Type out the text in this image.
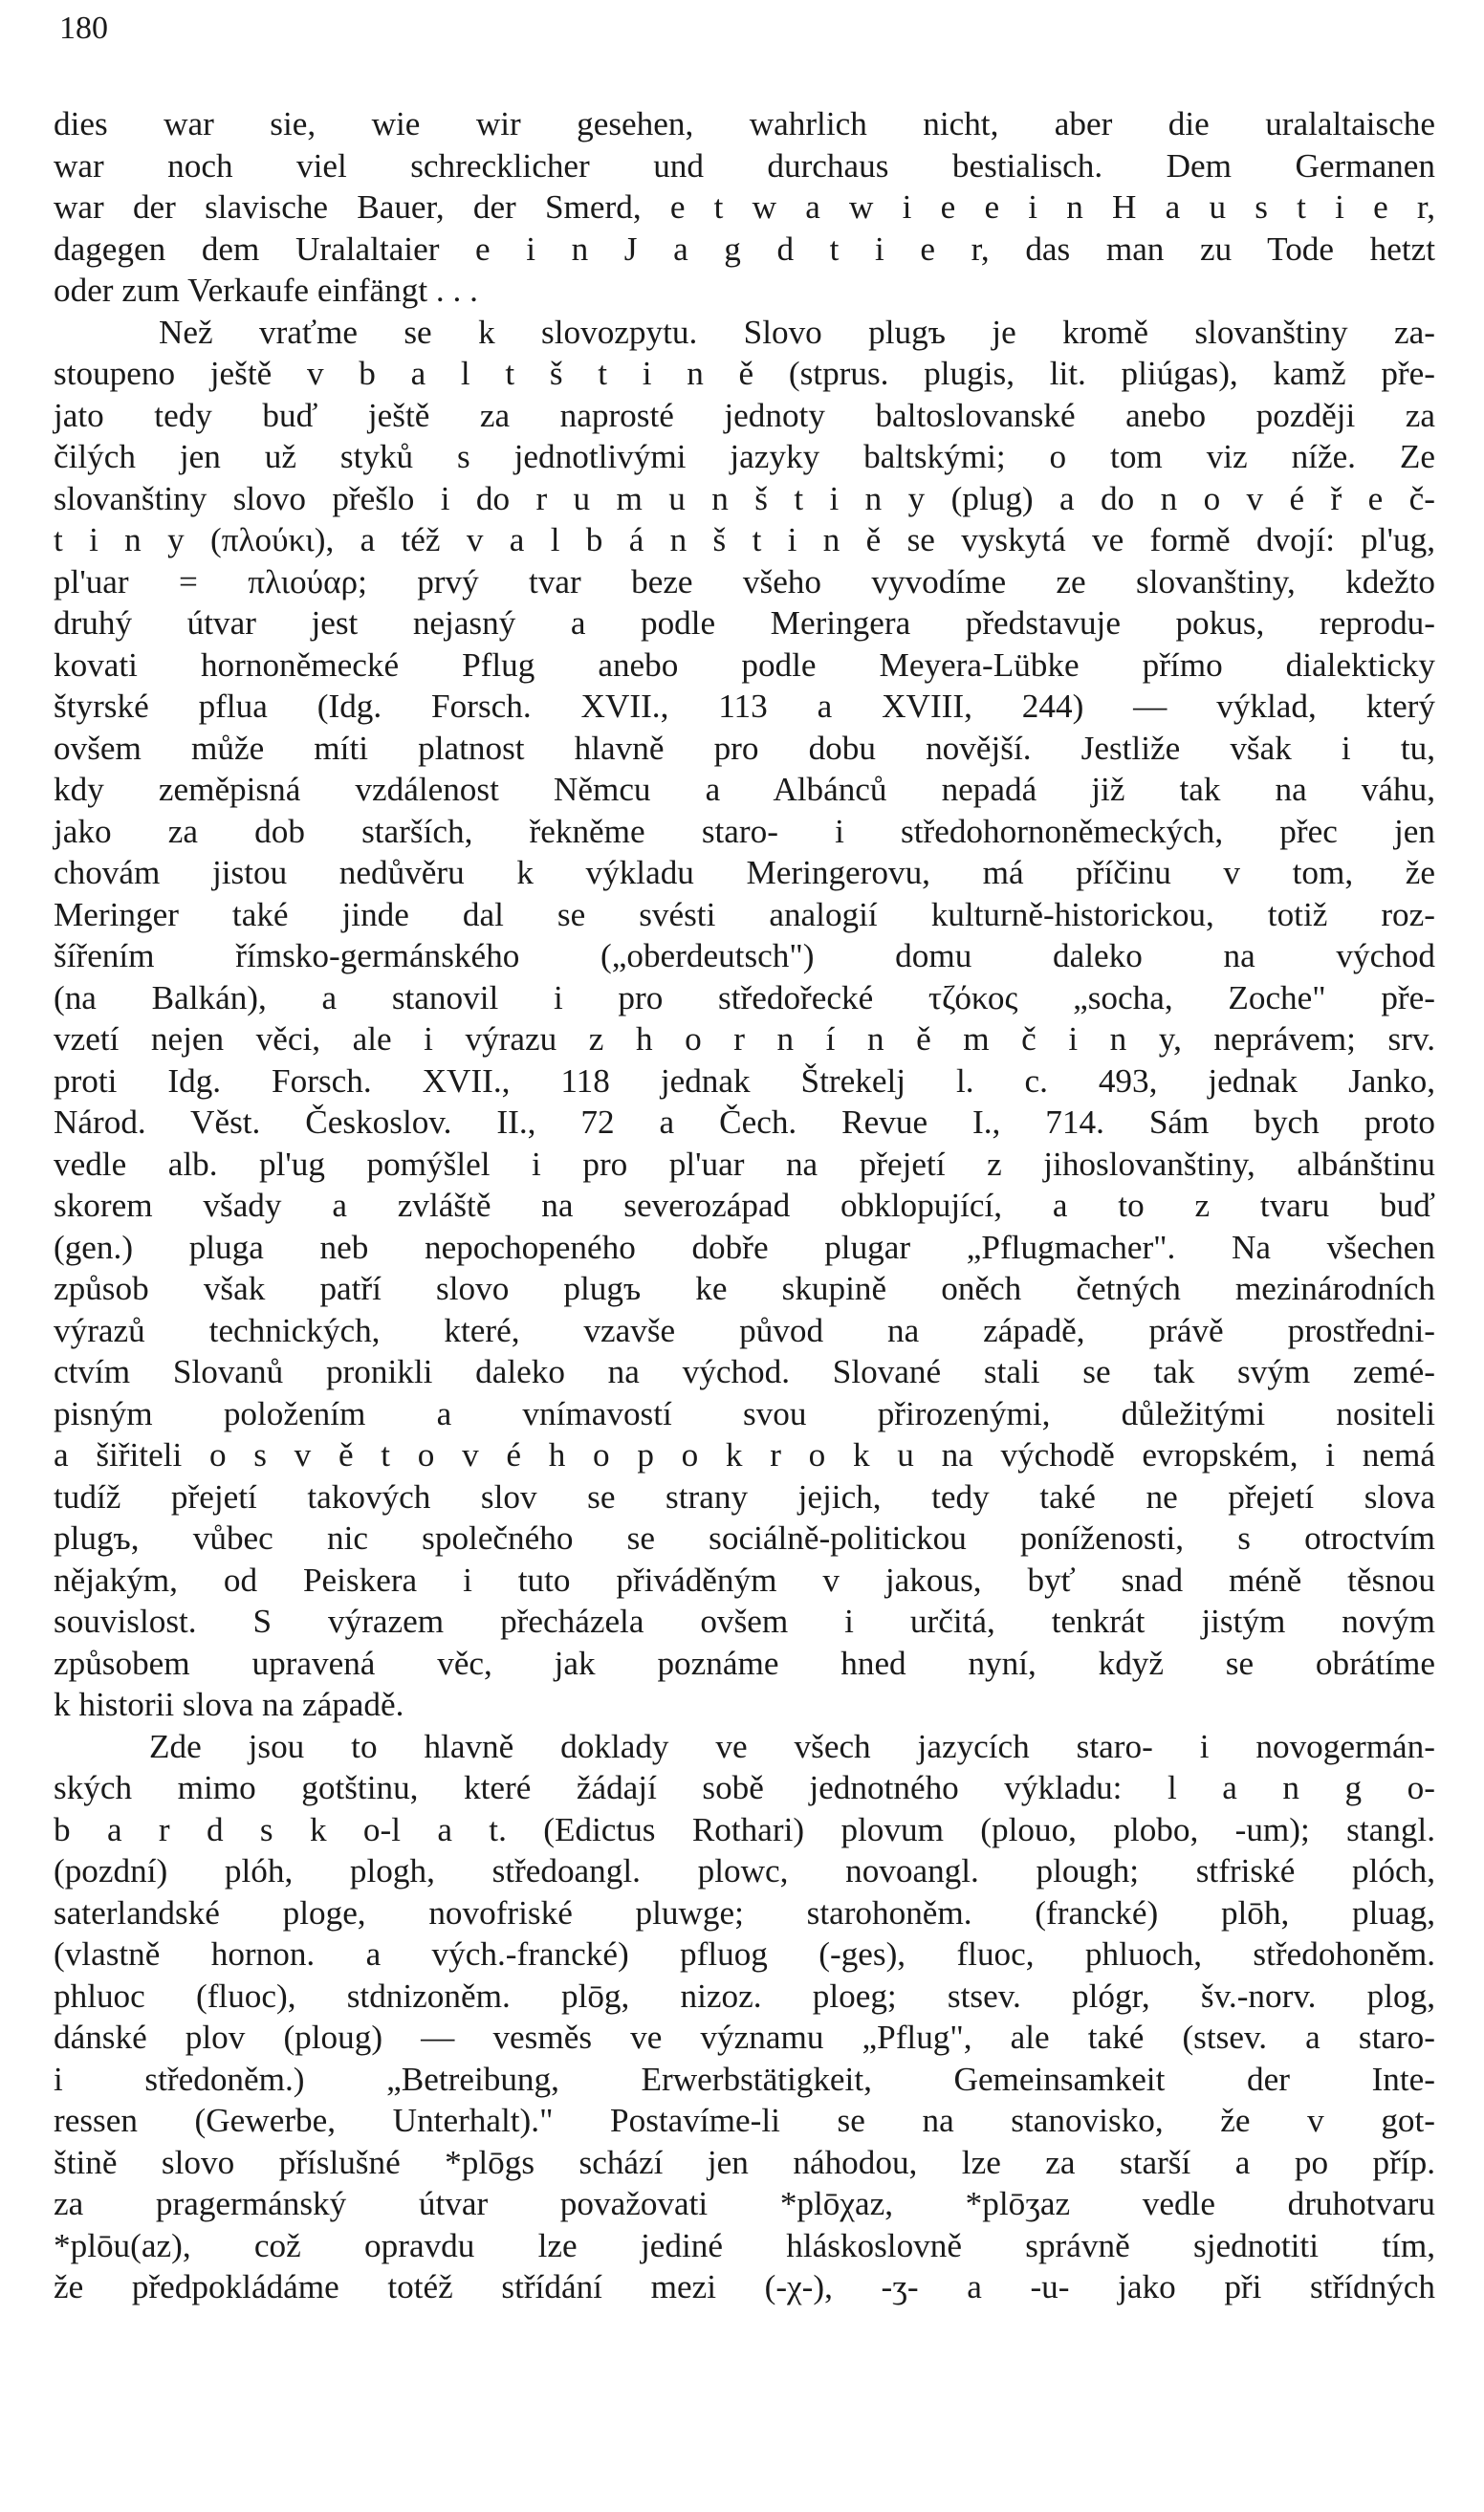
180
dies war sie, wie wir gesehen, wahrlich nicht, aber die uralaltaische
war noch viel schrecklicher und durchaus bestialisch. Dem Germanen
war der slavische Bauer, der Smerd, e t w a w i e e i n H a u s t i e r,
dagegen dem Uralaltaier e i n J a g d t i e r, das man zu Tode hetzt
oder zum Verkaufe einfängt . . .
Než vraťme se k slovozpytu. Slovo plugъ je kromě slovanštiny za-
stoupeno ještě v b a l t š t i n ě (stprus. plugis, lit. pliúgas), kamž pře-
jato tedy buď ještě za naprosté jednoty baltoslovanské anebo později za
čilých jen už styků s jednotlivými jazyky baltskými; o tom viz níže. Ze
slovanštiny slovo přešlo i do r u m u n š t i n y (plug) a do n o v é ř e č-
t i n y (πλούκι), a též v a l b á n š t i n ě se vyskytá ve formě dvojí: pl'ug,
pl'uar = πλιούαρ; prvý tvar beze všeho vyvodíme ze slovanštiny, kdežto
druhý útvar jest nejasný a podle Meringera představuje pokus, reprodu-
kovati hornoněmecké Pflug anebo podle Meyera-Lübke přímo dialekticky
štyrské pflua (Idg. Forsch. XVII., 113 a XVIII, 244) — výklad, který
ovšem může míti platnost hlavně pro dobu novější. Jestliže však i tu,
kdy zeměpisná vzdálenost Němcu a Albánců nepadá již tak na váhu,
jako za dob starších, řekněme staro- i středohornoněmeckých, přec jen
chovám jistou nedůvěru k výkladu Meringerovu, má příčinu v tom, že
Meringer také jinde dal se svésti analogií kulturně-historickou, totiž roz-
šířením římsko-germánského („oberdeutsch") domu daleko na východ
(na Balkán), a stanovil i pro středořecké τζόκος „socha, Zoche" pře-
vzetí nejen věci, ale i výrazu z h o r n í n ě m č i n y, neprávem; srv.
proti Idg. Forsch. XVII., 118 jednak Štrekelj l. c. 493, jednak Janko,
Národ. Věst. Českoslov. II., 72 a Čech. Revue I., 714. Sám bych proto
vedle alb. pl'ug pomýšlel i pro pl'uar na přejetí z jihoslovanštiny, albánštinu
skorem všady a zvláště na severozápad obklopující, a to z tvaru buď
(gen.) pluga neb nepochopeného dobře plugar „Pflugmacher". Na všechen
způsob však patří slovo plugъ ke skupině oněch četných mezinárodních
výrazů technických, které, vzavše původ na západě, právě prostředni-
ctvím Slovanů pronikli daleko na východ. Slované stali se tak svým zemé-
pisným položením a vnímavostí svou přirozenými, důležitými nositeli
a šiřiteli o s v ě t o v é h o p o k r o k u na východě evropském, i nemá
tudíž přejetí takových slov se strany jejich, tedy také ne přejetí slova
plugъ, vůbec nic společného se sociálně-politickou poníženosti, s otroctvím
nějakým, od Peiskera i tuto přiváděným v jakous, byť snad méně těsnou
souvislost. S výrazem přecházela ovšem i určitá, tenkrát jistým novým
způsobem upravená věc, jak poznáme hned nyní, když se obrátíme
k historii slova na západě.
Zde jsou to hlavně doklady ve všech jazycích staro- i novogermán-
ských mimo gotštinu, které žádají sobě jednotného výkladu: l a n g o-
b a r d s k o-l a t. (Edictus Rothari) plovum (plouo, plobo, -um); stangl.
(pozdní) plóh, plogh, středoangl. plowc, novoangl. plough; stfriské plóch,
saterlandské ploge, novofriské pluwge; starohoněm. (francké) plōh, pluag,
(vlastně hornon. a vých.-francké) pfluog (-ges), fluoc, phluoch, středohoněm.
phluoc (fluoc), stdnizoněm. plōg, nizoz. ploeg; stsev. plógr, šv.-norv. plog,
dánské plov (ploug) — vesměs ve významu „Pflug", ale také (stsev. a staro-
i středoněm.) „Betreibung, Erwerbstätigkeit, Gemeinsamkeit der Inte-
ressen (Gewerbe, Unterhalt)." Postavíme-li se na stanovisko, že v got-
štině slovo příslušné *plōgs schází jen náhodou, lze za starší a po příp.
za pragermánský útvar považovati *plōχaz, *plōʒaz vedle druhotvaru
*plōu(az), což opravdu lze jediné hláskoslovně správně sjednotiti tím,
že předpokládáme totéž střídání mezi (-χ-), -ʒ- a -u- jako při střídných
